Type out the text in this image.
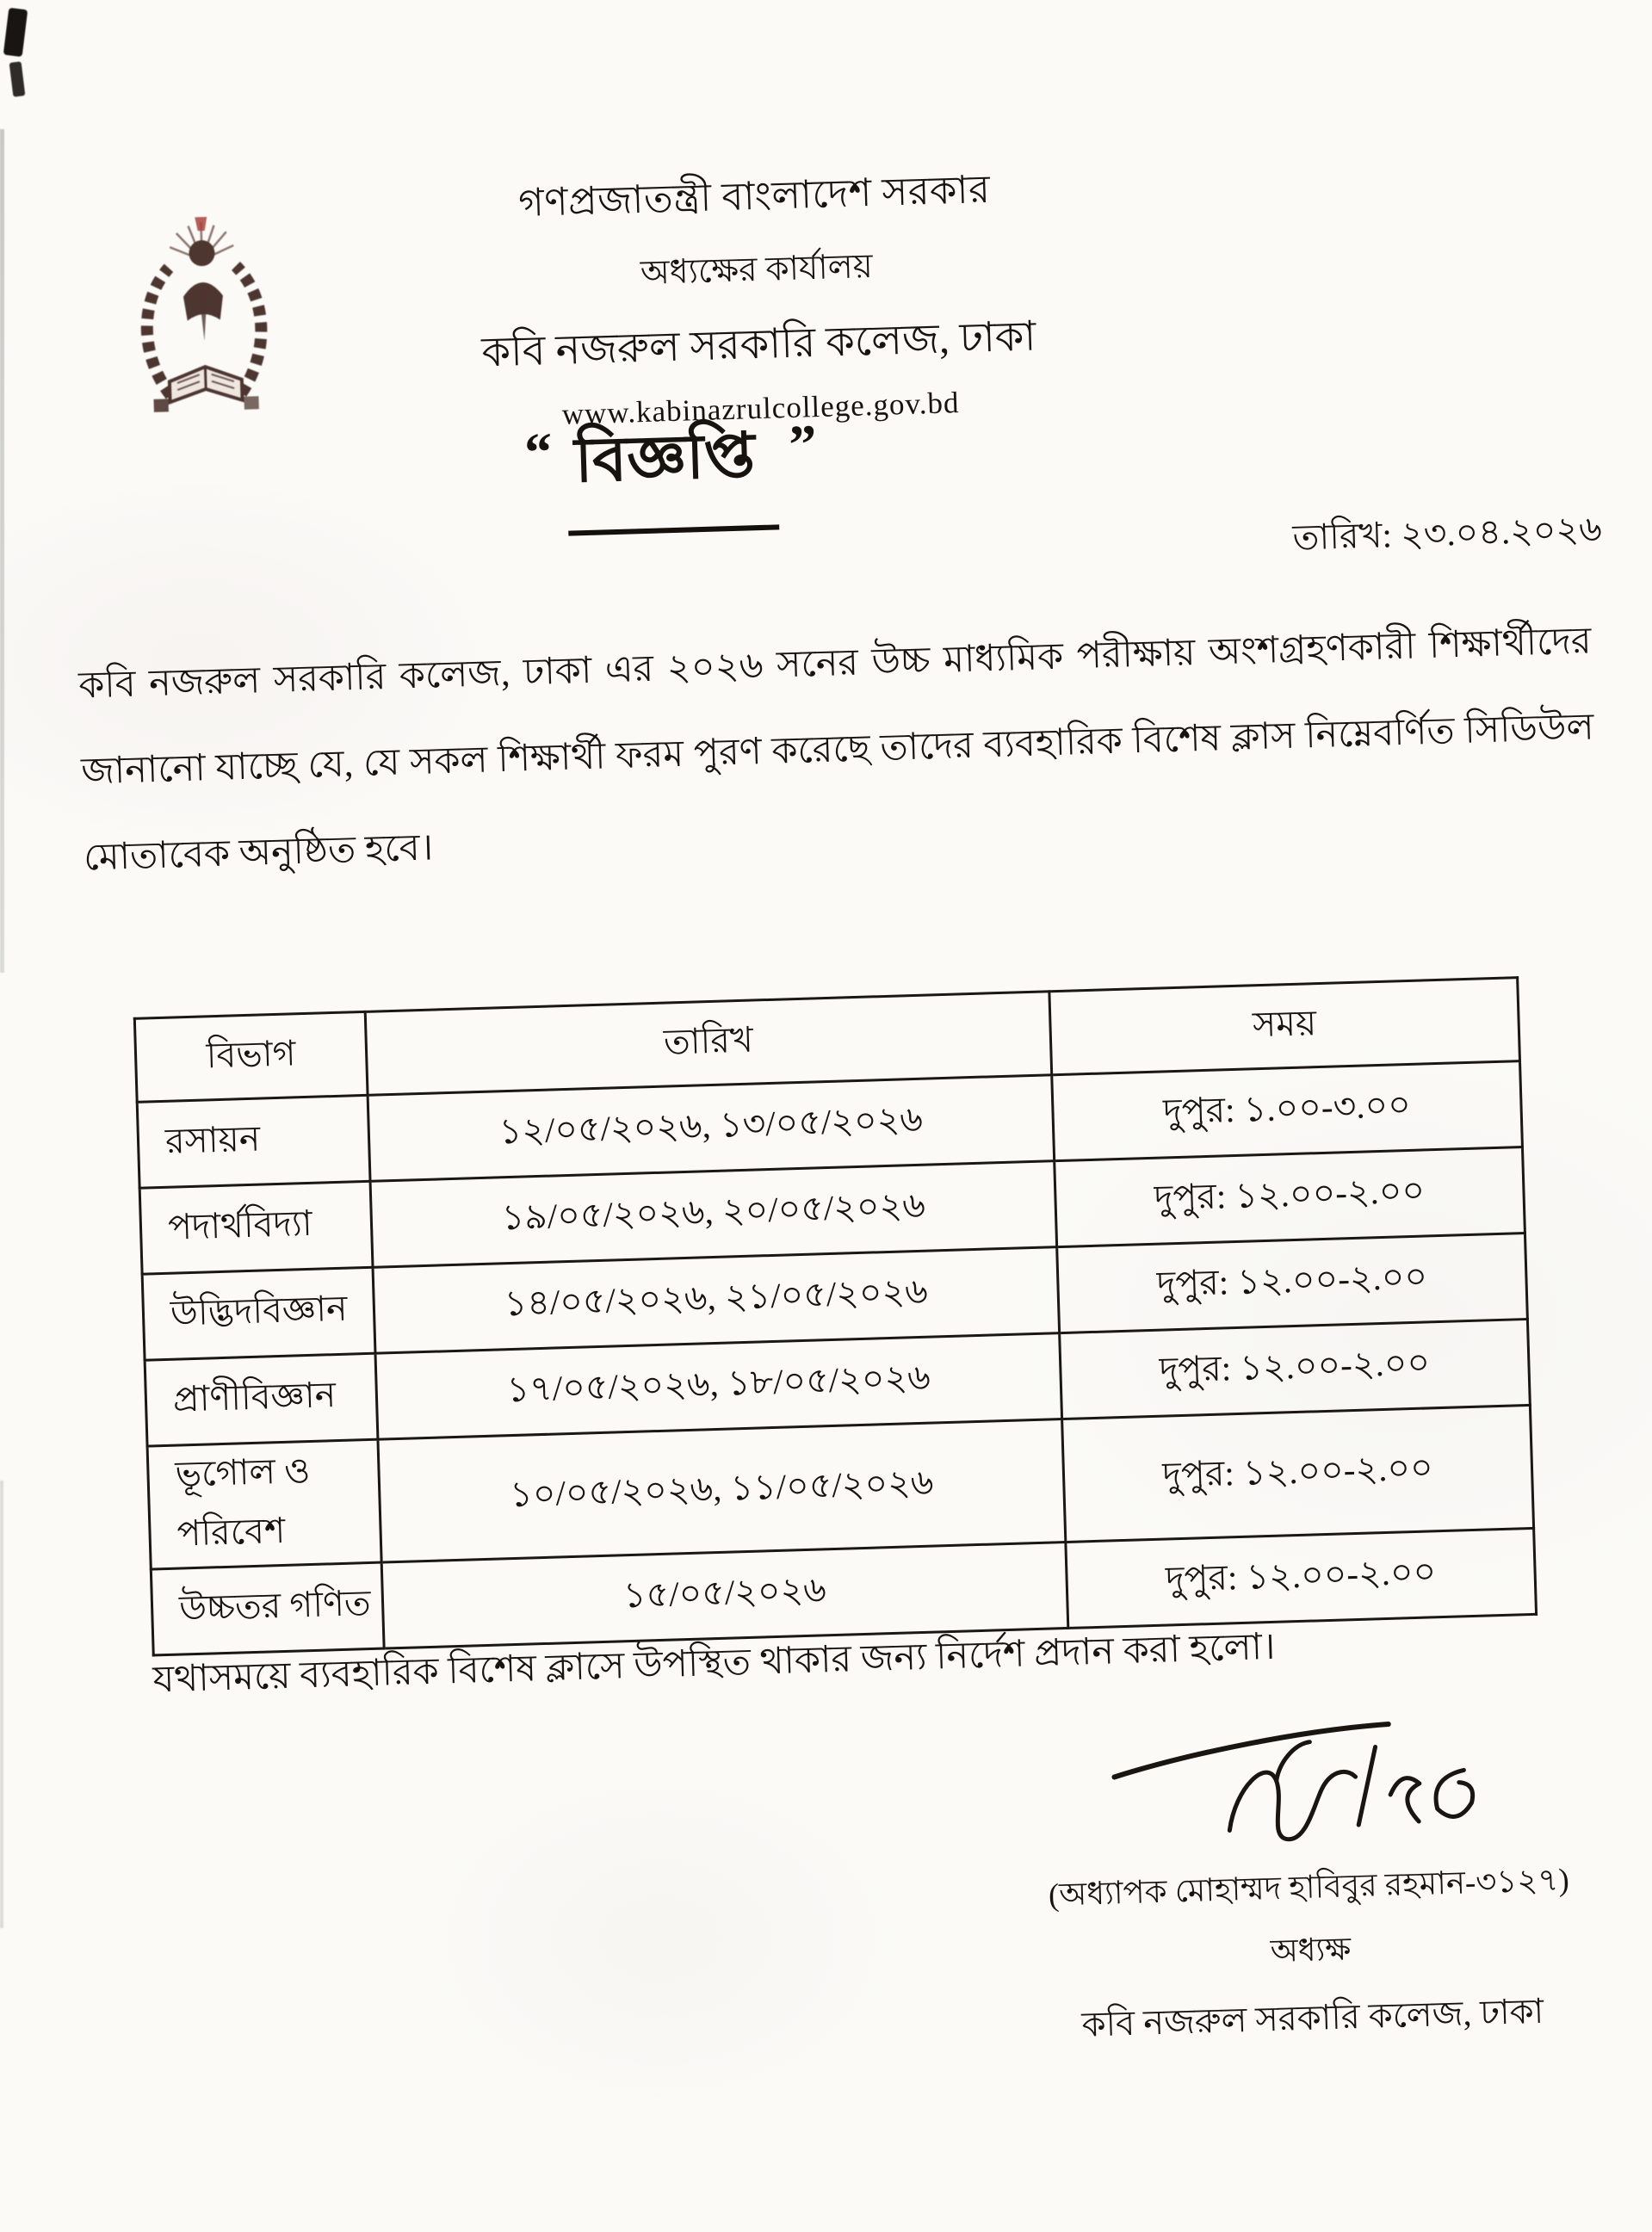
গণপ্রজাতন্ত্রী বাংলাদেশ সরকার
অধ্যক্ষের কার্যালয়
কবি নজরুল সরকারি কলেজ, ঢাকা
www.kabinazrulcollege.gov.bd
“ বিজ্ঞপ্তি ”
তারিখ: ২৩.০৪.২০২৬
কবি নজরুল সরকারি কলেজ, ঢাকা এর ২০২৬ সনের উচ্চ মাধ্যমিক পরীক্ষায় অংশগ্রহণকারী শিক্ষার্থীদের জানানো যাচ্ছে যে, যে সকল শিক্ষার্থী ফরম পুরণ করেছে তাদের ব্যবহারিক বিশেষ ক্লাস নিম্নেবর্ণিত সিডিউল মোতাবেক অনুষ্ঠিত হবে।
বিভাগ	তারিখ	সময়
রসায়ন	১২/০৫/২০২৬, ১৩/০৫/২০২৬	দুপুর: ১.০০-৩.০০
পদার্থবিদ্যা	১৯/০৫/২০২৬, ২০/০৫/২০২৬	দুপুর: ১২.০০-২.০০
উদ্ভিদবিজ্ঞান	১৪/০৫/২০২৬, ২১/০৫/২০২৬	দুপুর: ১২.০০-২.০০
প্রাণীবিজ্ঞান	১৭/০৫/২০২৬, ১৮/০৫/২০২৬	দুপুর: ১২.০০-২.০০
ভূগোল ও পরিবেশ	১০/০৫/২০২৬, ১১/০৫/২০২৬	দুপুর: ১২.০০-২.০০
উচ্চতর গণিত	১৫/০৫/২০২৬	দুপুর: ১২.০০-২.০০
যথাসময়ে ব্যবহারিক বিশেষ ক্লাসে উপস্থিত থাকার জন্য নির্দেশ প্রদান করা হলো।
(অধ্যাপক মোহাম্মদ হাবিবুর রহমান-৩১২৭)
অধ্যক্ষ
কবি নজরুল সরকারি কলেজ, ঢাকা
